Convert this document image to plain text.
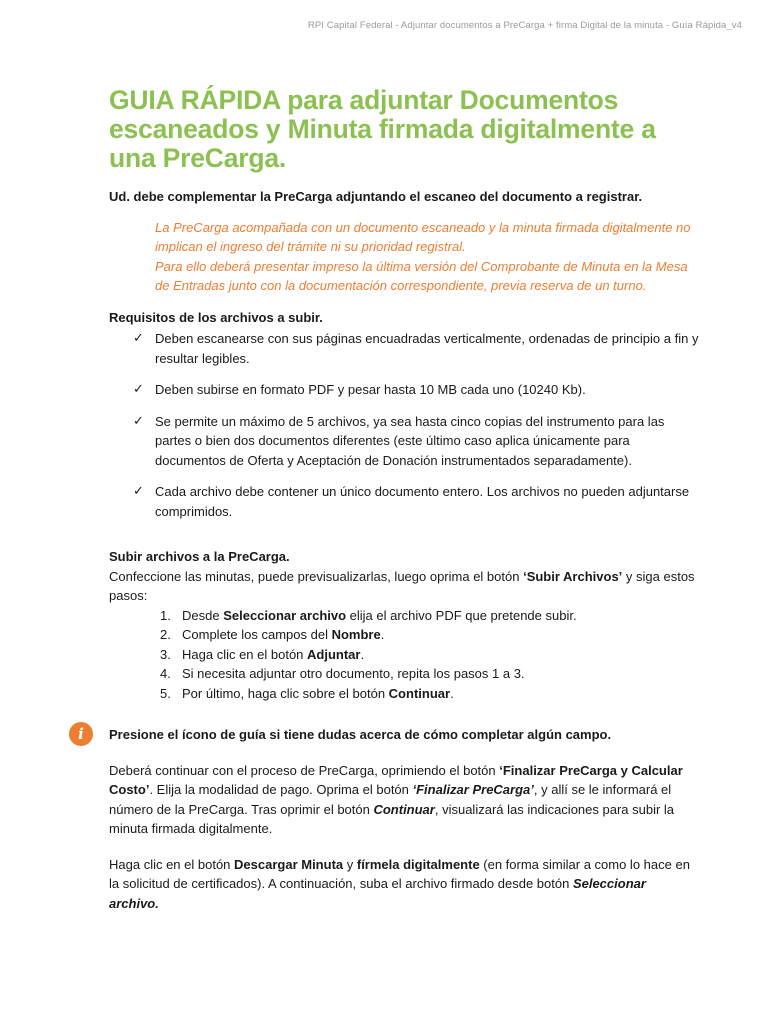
RPI Capital Federal - Adjuntar documentos a PreCarga + firma Digital de la minuta - Guía Rápida_v4
GUIA RÁPIDA para adjuntar Documentos escaneados y Minuta firmada digitalmente a una PreCarga.

Ud. debe complementar la PreCarga adjuntando el escaneo del documento a registrar.

La PreCarga acompañada con un documento escaneado y la minuta firmada digitalmente no implican el ingreso del trámite ni su prioridad registral.
Para ello deberá presentar impreso la última versión del Comprobante de Minuta en la Mesa de Entradas junto con la documentación correspondiente, previa reserva de un turno.

Requisitos de los archivos a subir.

✓ Deben escanearse con sus páginas encuadradas verticalmente, ordenadas de principio a fin y resultar legibles.
✓ Deben subirse en formato PDF y pesar hasta 10 MB cada uno (10240 Kb).
✓ Se permite un máximo de 5 archivos, ya sea hasta cinco copias del instrumento para las partes o bien dos documentos diferentes (este último caso aplica únicamente para documentos de Oferta y Aceptación de Donación instrumentados separadamente).
✓ Cada archivo debe contener un único documento entero. Los archivos no pueden adjuntarse comprimidos.

Subir archivos a la PreCarga.

Confeccione las minutas, puede previsualizarlas, luego oprima el botón ‘Subir Archivos’ y siga estos pasos:

1. Desde Seleccionar archivo elija el archivo PDF que pretende subir.
2. Complete los campos del Nombre.
3. Haga clic en el botón Adjuntar.
4. Si necesita adjuntar otro documento, repita los pasos 1 a 3.
5. Por último, haga clic sobre el botón Continuar.

i	Presione el ícono de guía si tiene dudas acerca de cómo completar algún campo.

Deberá continuar con el proceso de PreCarga, oprimiendo el botón ‘Finalizar PreCarga y Calcular Costo’. Elija la modalidad de pago. Oprima el botón ‘Finalizar PreCarga’, y allí se le informará el número de la PreCarga. Tras oprimir el botón Continuar, visualizará las indicaciones para subir la minuta firmada digitalmente.

Haga clic en el botón Descargar Minuta y fírmela digitalmente (en forma similar a como lo hace en la solicitud de certificados). A continuación, suba el archivo firmado desde botón Seleccionar archivo.
